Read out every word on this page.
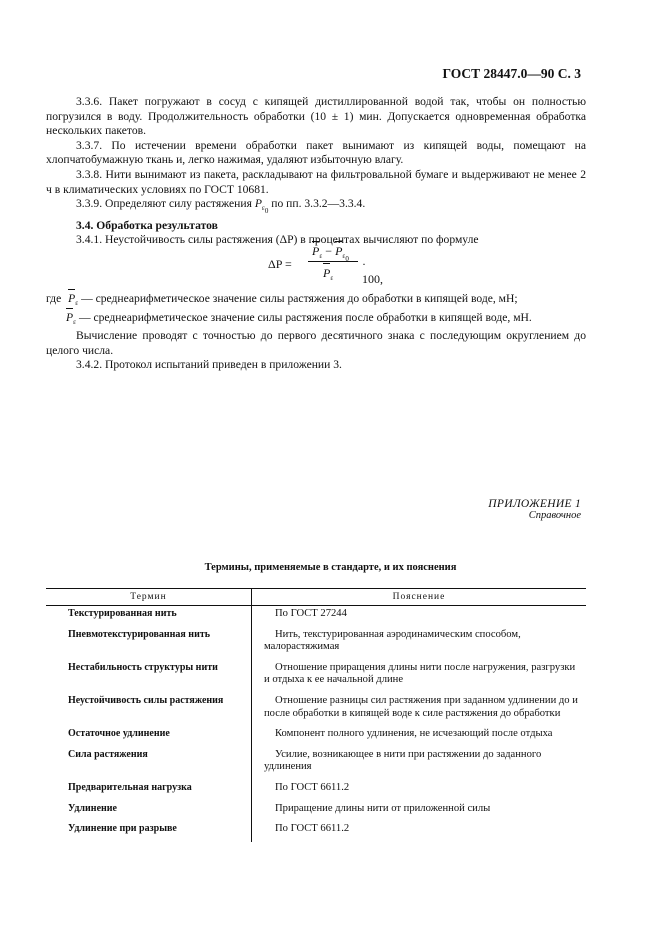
ГОСТ 28447.0—90 С. 3

3.3.6. Пакет погружают в сосуд с кипящей дистиллированной водой так, чтобы он полностью погрузился в воду. Продолжительность обработки (10 ± 1) мин. Допускается одновременная обработка нескольких пакетов.

3.3.7. По истечении времени обработки пакет вынимают из кипящей воды, помещают на хлопчатобумажную ткань и, легко нажимая, удаляют избыточную влагу.

3.3.8. Нити вынимают из пакета, раскладывают на фильтровальной бумаге и выдерживают не менее 2 ч в климатических условиях по ГОСТ 10681.

3.3.9. Определяют силу растяжения $P_{\varepsilon_0}$ по пп. 3.3.2—3.3.4.

3.4. Обработка результатов

3.4.1. Неустойчивость силы растяжения (ΔP) в процентах вычисляют по формуле

ΔP =
$P_\varepsilon - P_{\varepsilon_0}$
$P_\varepsilon$
· 100,

где $P_\varepsilon$ — среднеарифметическое значение силы растяжения до обработки в кипящей воде, мН;

$P_\varepsilon$ — среднеарифметическое значение силы растяжения после обработки в кипящей воде, мН.

Вычисление проводят с точностью до первого десятичного знака с последующим округлением до целого числа.

3.4.2. Протокол испытаний приведен в приложении 3.

ПРИЛОЖЕНИЕ 1
Справочное
Термины, применяемые в стандарте, и их пояснения
Термин	Пояснение
Текстурированная нить	По ГОСТ 27244
Пневмотекстурированная нить	Нить, текстурированная аэродинамическим способом, малорастяжимая
Нестабильность структуры нити	Отношение приращения длины нити после нагружения, разгрузки и отдыха к ее начальной длине
Неустойчивость силы растяжения	Отношение разницы сил растяжения при заданном удлинении до и после обработки в кипящей воде к силе растяжения до обработки
Остаточное удлинение	Компонент полного удлинения, не исчезающий после отдыха
Сила растяжения	Усилие, возникающее в нити при растяжении до заданного удлинения
Предварительная нагрузка	По ГОСТ 6611.2
Удлинение	Приращение длины нити от приложенной силы
Удлинение при разрыве	По ГОСТ 6611.2
